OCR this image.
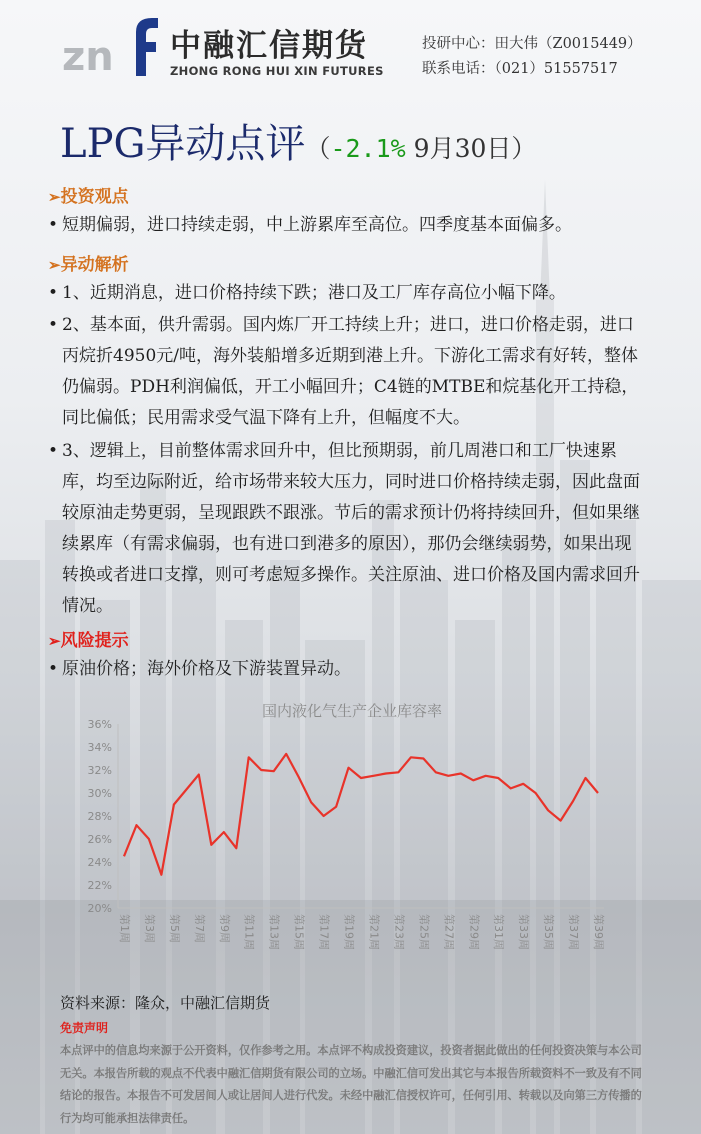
zn 中融汇信期货
ZHONG RONG HUI XIN FUTURES
投研中心：田大伟（Z0015449）
联系电话：（021）51557517
LPG异动点评（-2.1% 9月30日）
➢投资观点
• 短期偏弱，进口持续走弱，中上游累库至高位。四季度基本面偏多。
➢异动解析
• 1、近期消息，进口价格持续下跌；港口及工厂库存高位小幅下降。
• 2、基本面，供升需弱。国内炼厂开工持续上升；进口，进口价格走弱，进口丙烷折4950元/吨，海外装船增多近期到港上升。下游化工需求有好转，整体仍偏弱。PDH利润偏低，开工小幅回升；C4链的MTBE和烷基化开工持稳，同比偏低；民用需求受气温下降有上升，但幅度不大。
• 3、逻辑上，目前整体需求回升中，但比预期弱，前几周港口和工厂快速累库，均至边际附近，给市场带来较大压力，同时进口价格持续走弱，因此盘面较原油走势更弱，呈现跟跌不跟涨。节后的需求预计仍将持续回升，但如果继续累库（有需求偏弱，也有进口到港多的原因），那仍会继续弱势，如果出现转换或者进口支撑，则可考虑短多操作。关注原油、进口价格及国内需求回升情况。
➢风险提示
• 原油价格；海外价格及下游装置异动。
国内液化气生产企业库容率
20%
22%
24%
26%
28%
30%
32%
34%
36%
第1周 第3周 第5周 第7周 第9周 第11周 第13周 第15周 第17周 第19周 第21周 第23周 第25周 第27周 第29周 第31周 第33周 第35周 第37周 第39周
资料来源：隆众，中融汇信期货
免责声明
本点评中的信息均来源于公开资料，仅作参考之用。本点评不构成投资建议，投资者据此做出的任何投资决策与本公司无关。本报告所载的观点不代表中融汇信期货有限公司的立场。中融汇信可发出其它与本报告所载资料不一致及有不同结论的报告。本报告不可发居间人或让居间人进行代发。未经中融汇信授权许可，任何引用、转载以及向第三方传播的行为均可能承担法律责任。
